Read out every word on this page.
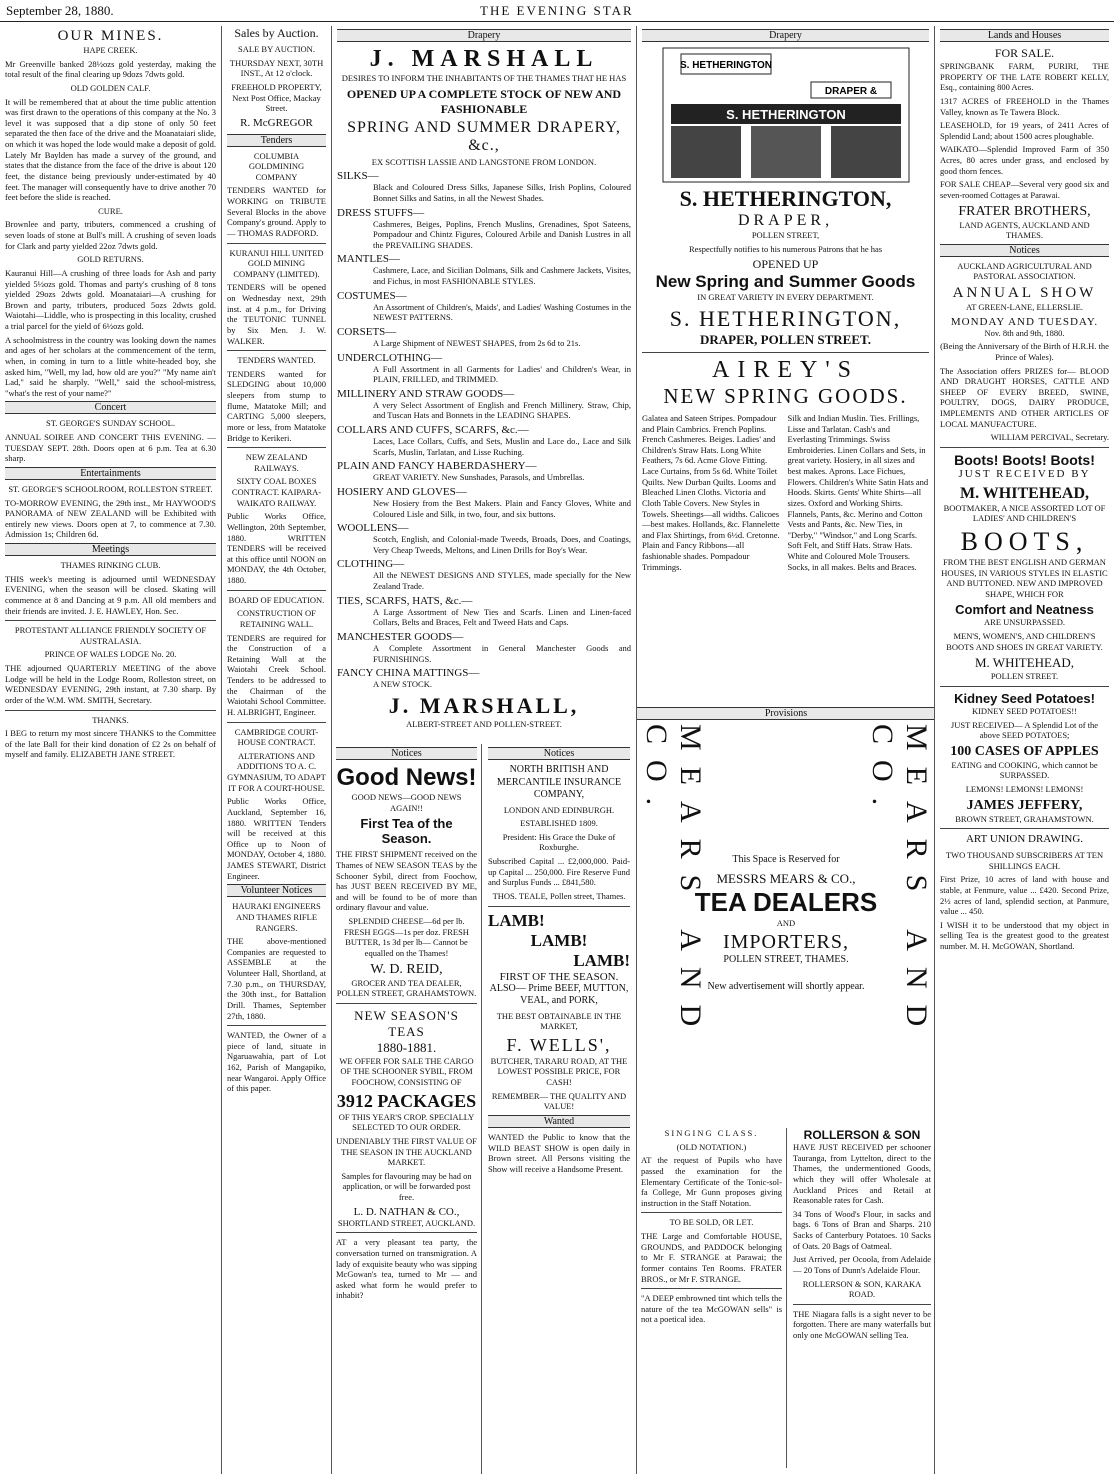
September 28, 1880.	THE EVENING STAR
OUR MINES.
HAPE CREEK.

Mr Greenville banked 28½ozs gold yesterday, making the total result of the final clearing up 9dozs 7dwts gold.

OLD GOLDEN CALF.

It will be remembered that at about the time public attention was first drawn to the operations of this company at the No. 3 level it was supposed that a dip stone of only 50 feet separated the then face of the drive and the Moanataiari slide, on which it was hoped the lode would make a deposit of gold. Lately Mr Baylden has made a survey of the ground, and states that the distance from the face of the drive is about 120 feet, the distance being previously under-estimated by 40 feet. The manager will consequently have to drive another 70 feet before the slide is reached.

CURE.

Brownlee and party, tributers, commenced a crushing of seven loads of stone at Bull's mill. A crushing of seven loads for Clark and party yielded 22oz 7dwts gold.

GOLD RETURNS.

Kauranui Hill—A crushing of three loads for Ash and party yielded 5½ozs gold. Thomas and party's crushing of 8 tons yielded 29ozs 2dwts gold. Moanataiari—A crushing for Brown and party, tributers, produced 5ozs 2dwts gold. Waiotahi—Liddle, who is prospecting in this locality, crushed a trial parcel for the yield of 6½ozs gold.

A schoolmistress in the country was looking down the names and ages of her scholars at the commencement of the term, when, in coming in turn to a little white-headed boy, she asked him, "Well, my lad, how old are you?" "My name ain't Lad," said he sharply. "Well," said the school-mistress, "what's the rest of your name?"

Concert
ST. GEORGE'S SUNDAY SCHOOL.

ANNUAL SOIREE AND CONCERT THIS EVENING. —TUESDAY SEPT. 28th. Doors open at 6 p.m. Tea at 6.30 sharp.

Entertainments
ST. GEORGE'S SCHOOLROOM, ROLLESTON STREET.

TO-MORROW EVENING, the 29th inst., Mr HAYWOOD'S PANORAMA of NEW ZEALAND will be Exhibited with entirely new views. Doors open at 7, to commence at 7.30. Admission 1s; Children 6d.

Meetings
THAMES RINKING CLUB.

THIS week's meeting is adjourned until WEDNESDAY EVENING, when the season will be closed. Skating will commence at 8 and Dancing at 9 p.m. All old members and their friends are invited. J. E. HAWLEY, Hon. Sec.

PROTESTANT ALLIANCE FRIENDLY SOCIETY OF AUSTRALASIA.
PRINCE OF WALES LODGE No. 20.

THE adjourned QUARTERLY MEETING of the above Lodge will be held in the Lodge Room, Rolleston street, on WEDNESDAY EVENING, 29th instant, at 7.30 sharp. By order of the W.M. WM. SMITH, Secretary.

THANKS.

I BEG to return my most sincere THANKS to the Committee of the late Ball for their kind donation of £2 2s on behalf of myself and family. ELIZABETH JANE STREET.

Sales by Auction.
SALE BY AUCTION.
THURSDAY NEXT, 30TH INST., At 12 o'clock.
FREEHOLD PROPERTY, Next Post Office, Mackay Street.
R. McGREGOR
Tenders
COLUMBIA GOLDMINING COMPANY

TENDERS WANTED for WORKING on TRIBUTE Several Blocks in the above Company's ground. Apply to— THOMAS RADFORD.

KURANUI HILL UNITED GOLD MINING COMPANY (LIMITED).

TENDERS will be opened on Wednesday next, 29th inst. at 4 p.m., for Driving the TEUTONIC TUNNEL by Six Men. J. W. WALKER.

TENDERS WANTED.

TENDERS wanted for SLEDGING about 10,000 sleepers from stump to flume, Matatoke Mill; and CARTING 5,000 sleepers, more or less, from Matatoke Bridge to Kerikeri.

NEW ZEALAND RAILWAYS.
SIXTY COAL BOXES CONTRACT. KAIPARA-WAIKATO RAILWAY.

Public Works Office, Wellington, 20th September, 1880. WRITTEN TENDERS will be received at this office until NOON on MONDAY, the 4th October, 1880.

BOARD OF EDUCATION.
CONSTRUCTION OF RETAINING WALL.

TENDERS are required for the Construction of a Retaining Wall at the Waiotahi Creek School. Tenders to be addressed to the Chairman of the Waiotahi School Committee. H. ALBRIGHT, Engineer.

CAMBRIDGE COURT-HOUSE CONTRACT.
ALTERATIONS AND ADDITIONS TO A. C. GYMNASIUM, TO ADAPT IT FOR A COURT-HOUSE.

Public Works Office, Auckland, September 16, 1880. WRITTEN Tenders will be received at this Office up to Noon of MONDAY, October 4, 1880. JAMES STEWART, District Engineer.

Volunteer Notices
HAURAKI ENGINEERS AND THAMES RIFLE RANGERS.

THE above-mentioned Companies are requested to ASSEMBLE at the Volunteer Hall, Shortland, at 7.30 p.m., on THURSDAY, the 30th inst., for Battalion Drill. Thames, September 27th, 1880.

WANTED, the Owner of a piece of land, situate in Ngaruawahia, part of Lot 162, Parish of Mangapiko, near Wangaroi. Apply Office of this paper.

Drapery
J. MARSHALL
DESIRES TO INFORM THE INHABITANTS OF THE THAMES THAT HE HAS
OPENED UP A COMPLETE STOCK OF NEW AND FASHIONABLE
SPRING AND SUMMER DRAPERY, &c.,
EX SCOTTISH LASSIE AND LANGSTONE FROM LONDON.
SILKS—
Black and Coloured Dress Silks, Japanese Silks, Irish Poplins, Coloured Bonnet Silks and Satins, in all the Newest Shades.
DRESS STUFFS—
Cashmeres, Beiges, Poplins, French Muslins, Grenadines, Spot Sateens, Pompadour and Chintz Figures, Coloured Arbile and Danish Lustres in all the PREVAILING SHADES.
MANTLES—
Cashmere, Lace, and Sicilian Dolmans, Silk and Cashmere Jackets, Visites, and Fichus, in most FASHIONABLE STYLES.
COSTUMES—
An Assortment of Children's, Maids', and Ladies' Washing Costumes in the NEWEST PATTERNS.
CORSETS—
A Large Shipment of NEWEST SHAPES, from 2s 6d to 21s.
UNDERCLOTHING—
A Full Assortment in all Garments for Ladies' and Children's Wear, in PLAIN, FRILLED, and TRIMMED.
MILLINERY AND STRAW GOODS—
A very Select Assortment of English and French Millinery. Straw, Chip, and Tuscan Hats and Bonnets in the LEADING SHAPES.
COLLARS AND CUFFS, SCARFS, &c.—
Laces, Lace Collars, Cuffs, and Sets, Muslin and Lace do., Lace and Silk Scarfs, Muslin, Tarlatan, and Lisse Ruching.
PLAIN AND FANCY HABERDASHERY—
GREAT VARIETY. New Sunshades, Parasols, and Umbrellas.
HOSIERY AND GLOVES—
New Hosiery from the Best Makers. Plain and Fancy Gloves, White and Coloured Lisle and Silk, in two, four, and six buttons.
WOOLLENS—
Scotch, English, and Colonial-made Tweeds, Broads, Does, and Coatings, Very Cheap Tweeds, Meltons, and Linen Drills for Boy's Wear.
CLOTHING—
All the NEWEST DESIGNS AND STYLES, made specially for the New Zealand Trade.
TIES, SCARFS, HATS, &c.—
A Large Assortment of New Ties and Scarfs. Linen and Linen-faced Collars, Belts and Braces, Felt and Tweed Hats and Caps.
MANCHESTER GOODS—
A Complete Assortment in General Manchester Goods and FURNISHINGS.
FANCY CHINA MATTINGS—
A NEW STOCK.
J. MARSHALL,
ALBERT-STREET AND POLLEN-STREET.
Notices
Good News!
GOOD NEWS—GOOD NEWS AGAIN!!
First Tea of the Season.

THE FIRST SHIPMENT received on the Thames of NEW SEASON TEAS by the Schooner Sybil, direct from Foochow, has JUST BEEN RECEIVED BY ME, and will be found to be of more than ordinary flavour and value.

SPLENDID CHEESE—6d per lb. FRESH EGGS—1s per doz. FRESH BUTTER, 1s 3d per lb— Cannot be equalled on the Thames!

W. D. REID,
GROCER AND TEA DEALER, POLLEN STREET, GRAHAMSTOWN.
NEW SEASON'S TEAS
1880-1881.

WE OFFER FOR SALE THE CARGO OF THE SCHOONER SYBIL, FROM FOOCHOW, CONSISTING OF

3912 PACKAGES

OF THIS YEAR'S CROP. SPECIALLY SELECTED TO OUR ORDER.

UNDENIABLY THE FIRST VALUE OF THE SEASON IN THE AUCKLAND MARKET.

Samples for flavouring may be had on application, or will be forwarded post free.

L. D. NATHAN & CO.,
SHORTLAND STREET, AUCKLAND.

AT a very pleasant tea party, the conversation turned on transmigration. A lady of exquisite beauty who was sipping McGowan's tea, turned to Mr — and asked what form he would prefer to inhabit?

Notices
NORTH BRITISH AND MERCANTILE INSURANCE COMPANY,
LONDON AND EDINBURGH.
ESTABLISHED 1809.

President: His Grace the Duke of Roxburghe.

Subscribed Capital ... £2,000,000. Paid-up Capital ... 250,000. Fire Reserve Fund and Surplus Funds ... £841,580.

THOS. TEALE, Pollen street, Thames.
LAMB!
LAMB!
LAMB!
FIRST OF THE SEASON.

ALSO— Prime BEEF, MUTTON, VEAL, and PORK,

THE BEST OBTAINABLE IN THE MARKET,

F. WELLS',

BUTCHER, TARARU ROAD, AT THE LOWEST POSSIBLE PRICE, FOR CASH!

REMEMBER— THE QUALITY AND VALUE!

Wanted

WANTED the Public to know that the WILD BEAST SHOW is open daily in Brown street. All Persons visiting the Show will receive a Handsome Present.

Drapery
S. HETHERINGTON
DRAPER &
S. HETHERINGTON
S. HETHERINGTON,
DRAPER,
POLLEN STREET,
Respectfully notifies to his numerous Patrons that he has
OPENED UP
New Spring and Summer Goods
IN GREAT VARIETY IN EVERY DEPARTMENT.
S. HETHERINGTON,
DRAPER, POLLEN STREET.
AIREY'S
NEW SPRING GOODS.

Galatea and Sateen Stripes. Pompadour and Plain Cambrics. French Poplins. French Cashmeres. Beiges. Ladies' and Children's Straw Hats. Long White Feathers, 7s 6d. Acme Glove Fitting. Lace Curtains, from 5s 6d. White Toilet Quilts. New Durban Quilts. Looms and Bleached Linen Cloths. Victoria and Cloth Table Covers. New Styles in Towels. Sheetings—all widths. Calicoes—best makes. Hollands, &c. Flannelette and Flax Shirtings, from 6½d. Cretonne. Plain and Fancy Ribbons—all fashionable shades. Pompadour Trimmings.

Silk and Indian Muslin. Ties. Frillings, Lisse and Tarlatan. Cash's and Everlasting Trimmings. Swiss Embroideries. Linen Collars and Sets, in great variety. Hosiery, in all sizes and best makes. Aprons. Lace Fichues, Flowers. Children's White Satin Hats and Hoods. Skirts. Gents' White Shirts—all sizes. Oxford and Working Shirts. Flannels, Pants, &c. Merino and Cotton Vests and Pants, &c. New Ties, in "Derby," "Windsor," and Long Scarfs. Soft Felt, and Stiff Hats. Straw Hats. White and Coloured Mole Trousers. Socks, in all makes. Belts and Braces.

Provisions
MEARS AND CO.	MEARS AND CO.
This Space is Reserved for
MESSRS MEARS & CO.,
TEA DEALERS
AND
IMPORTERS,
POLLEN STREET, THAMES.
New advertisement will shortly appear.
SINGING CLASS.
(OLD NOTATION.)

AT the request of Pupils who have passed the examination for the Elementary Certificate of the Tonic-sol-fa College, Mr Gunn proposes giving instruction in the Staff Notation.

TO BE SOLD, OR LET.

THE Large and Comfortable HOUSE, GROUNDS, and PADDOCK belonging to Mr F. STRANGE at Parawai; the former contains Ten Rooms. FRATER BROS., or Mr F. STRANGE.

"A DEEP embrowned tint which tells the nature of the tea McGOWAN sells" is not a poetical idea.

ROLLERSON & SON

HAVE JUST RECEIVED per schooner Tauranga, from Lyttelton, direct to the Thames, the undermentioned Goods, which they will offer Wholesale at Auckland Prices and Retail at Reasonable rates for Cash.

34 Tons of Wood's Flour, in sacks and bags. 6 Tons of Bran and Sharps. 210 Sacks of Canterbury Potatoes. 10 Sacks of Oats. 20 Bags of Oatmeal.

Just Arrived, per Ocoola, from Adelaide— 20 Tons of Dunn's Adelaide Flour.

ROLLERSON & SON, KARAKA ROAD.

THE Niagara falls is a sight never to be forgotten. There are many waterfalls but only one McGOWAN selling Tea.

Lands and Houses
FOR SALE.

SPRINGBANK FARM, PURIRI, THE PROPERTY OF THE LATE ROBERT KELLY, Esq., containing 800 Acres.

1317 ACRES of FREEHOLD in the Thames Valley, known as Te Tawera Block.

LEASEHOLD, for 19 years, of 2411 Acres of Splendid Land; about 1500 acres ploughable.

WAIKATO—Splendid Improved Farm of 350 Acres, 80 acres under grass, and enclosed by good thorn fences.

FOR SALE CHEAP—Several very good six and seven-roomed Cottages at Parawai.

FRATER BROTHERS,
LAND AGENTS, AUCKLAND AND THAMES.
Notices
AUCKLAND AGRICULTURAL AND PASTORAL ASSOCIATION.
ANNUAL SHOW
AT GREEN-LANE, ELLERSLIE.
MONDAY AND TUESDAY.
Nov. 8th and 9th, 1880.

(Being the Anniversary of the Birth of H.R.H. the Prince of Wales).

The Association offers PRIZES for— BLOOD AND DRAUGHT HORSES, CATTLE AND SHEEP OF EVERY BREED, SWINE, POULTRY, DOGS, DAIRY PRODUCE, IMPLEMENTS AND OTHER ARTICLES OF LOCAL MANUFACTURE.

WILLIAM PERCIVAL, Secretary.
Boots! Boots! Boots!
JUST RECEIVED BY
M. WHITEHEAD,

BOOTMAKER, A NICE ASSORTED LOT OF LADIES' AND CHILDREN'S

BOOTS,

FROM THE BEST ENGLISH AND GERMAN HOUSES, IN VARIOUS STYLES IN ELASTIC AND BUTTONED. NEW AND IMPROVED SHAPE, WHICH FOR

Comfort and Neatness
ARE UNSURPASSED.

MEN'S, WOMEN'S, AND CHILDREN'S BOOTS AND SHOES IN GREAT VARIETY.

M. WHITEHEAD,
POLLEN STREET.
Kidney Seed Potatoes!
KIDNEY SEED POTATOES!!

JUST RECEIVED— A Splendid Lot of the above SEED POTATOES;

100 CASES OF APPLES

EATING and COOKING, which cannot be SURPASSED.

LEMONS! LEMONS! LEMONS!
JAMES JEFFERY,
BROWN STREET, GRAHAMSTOWN.
ART UNION DRAWING.
TWO THOUSAND SUBSCRIBERS AT TEN SHILLINGS EACH.

First Prize, 10 acres of land with house and stable, at Fenmure, value ... £420. Second Prize, 2½ acres of land, splendid section, at Panmure, value ... 450.

I WISH it to be understood that my object in selling Tea is the greatest good to the greatest number. M. H. McGOWAN, Shortland.
